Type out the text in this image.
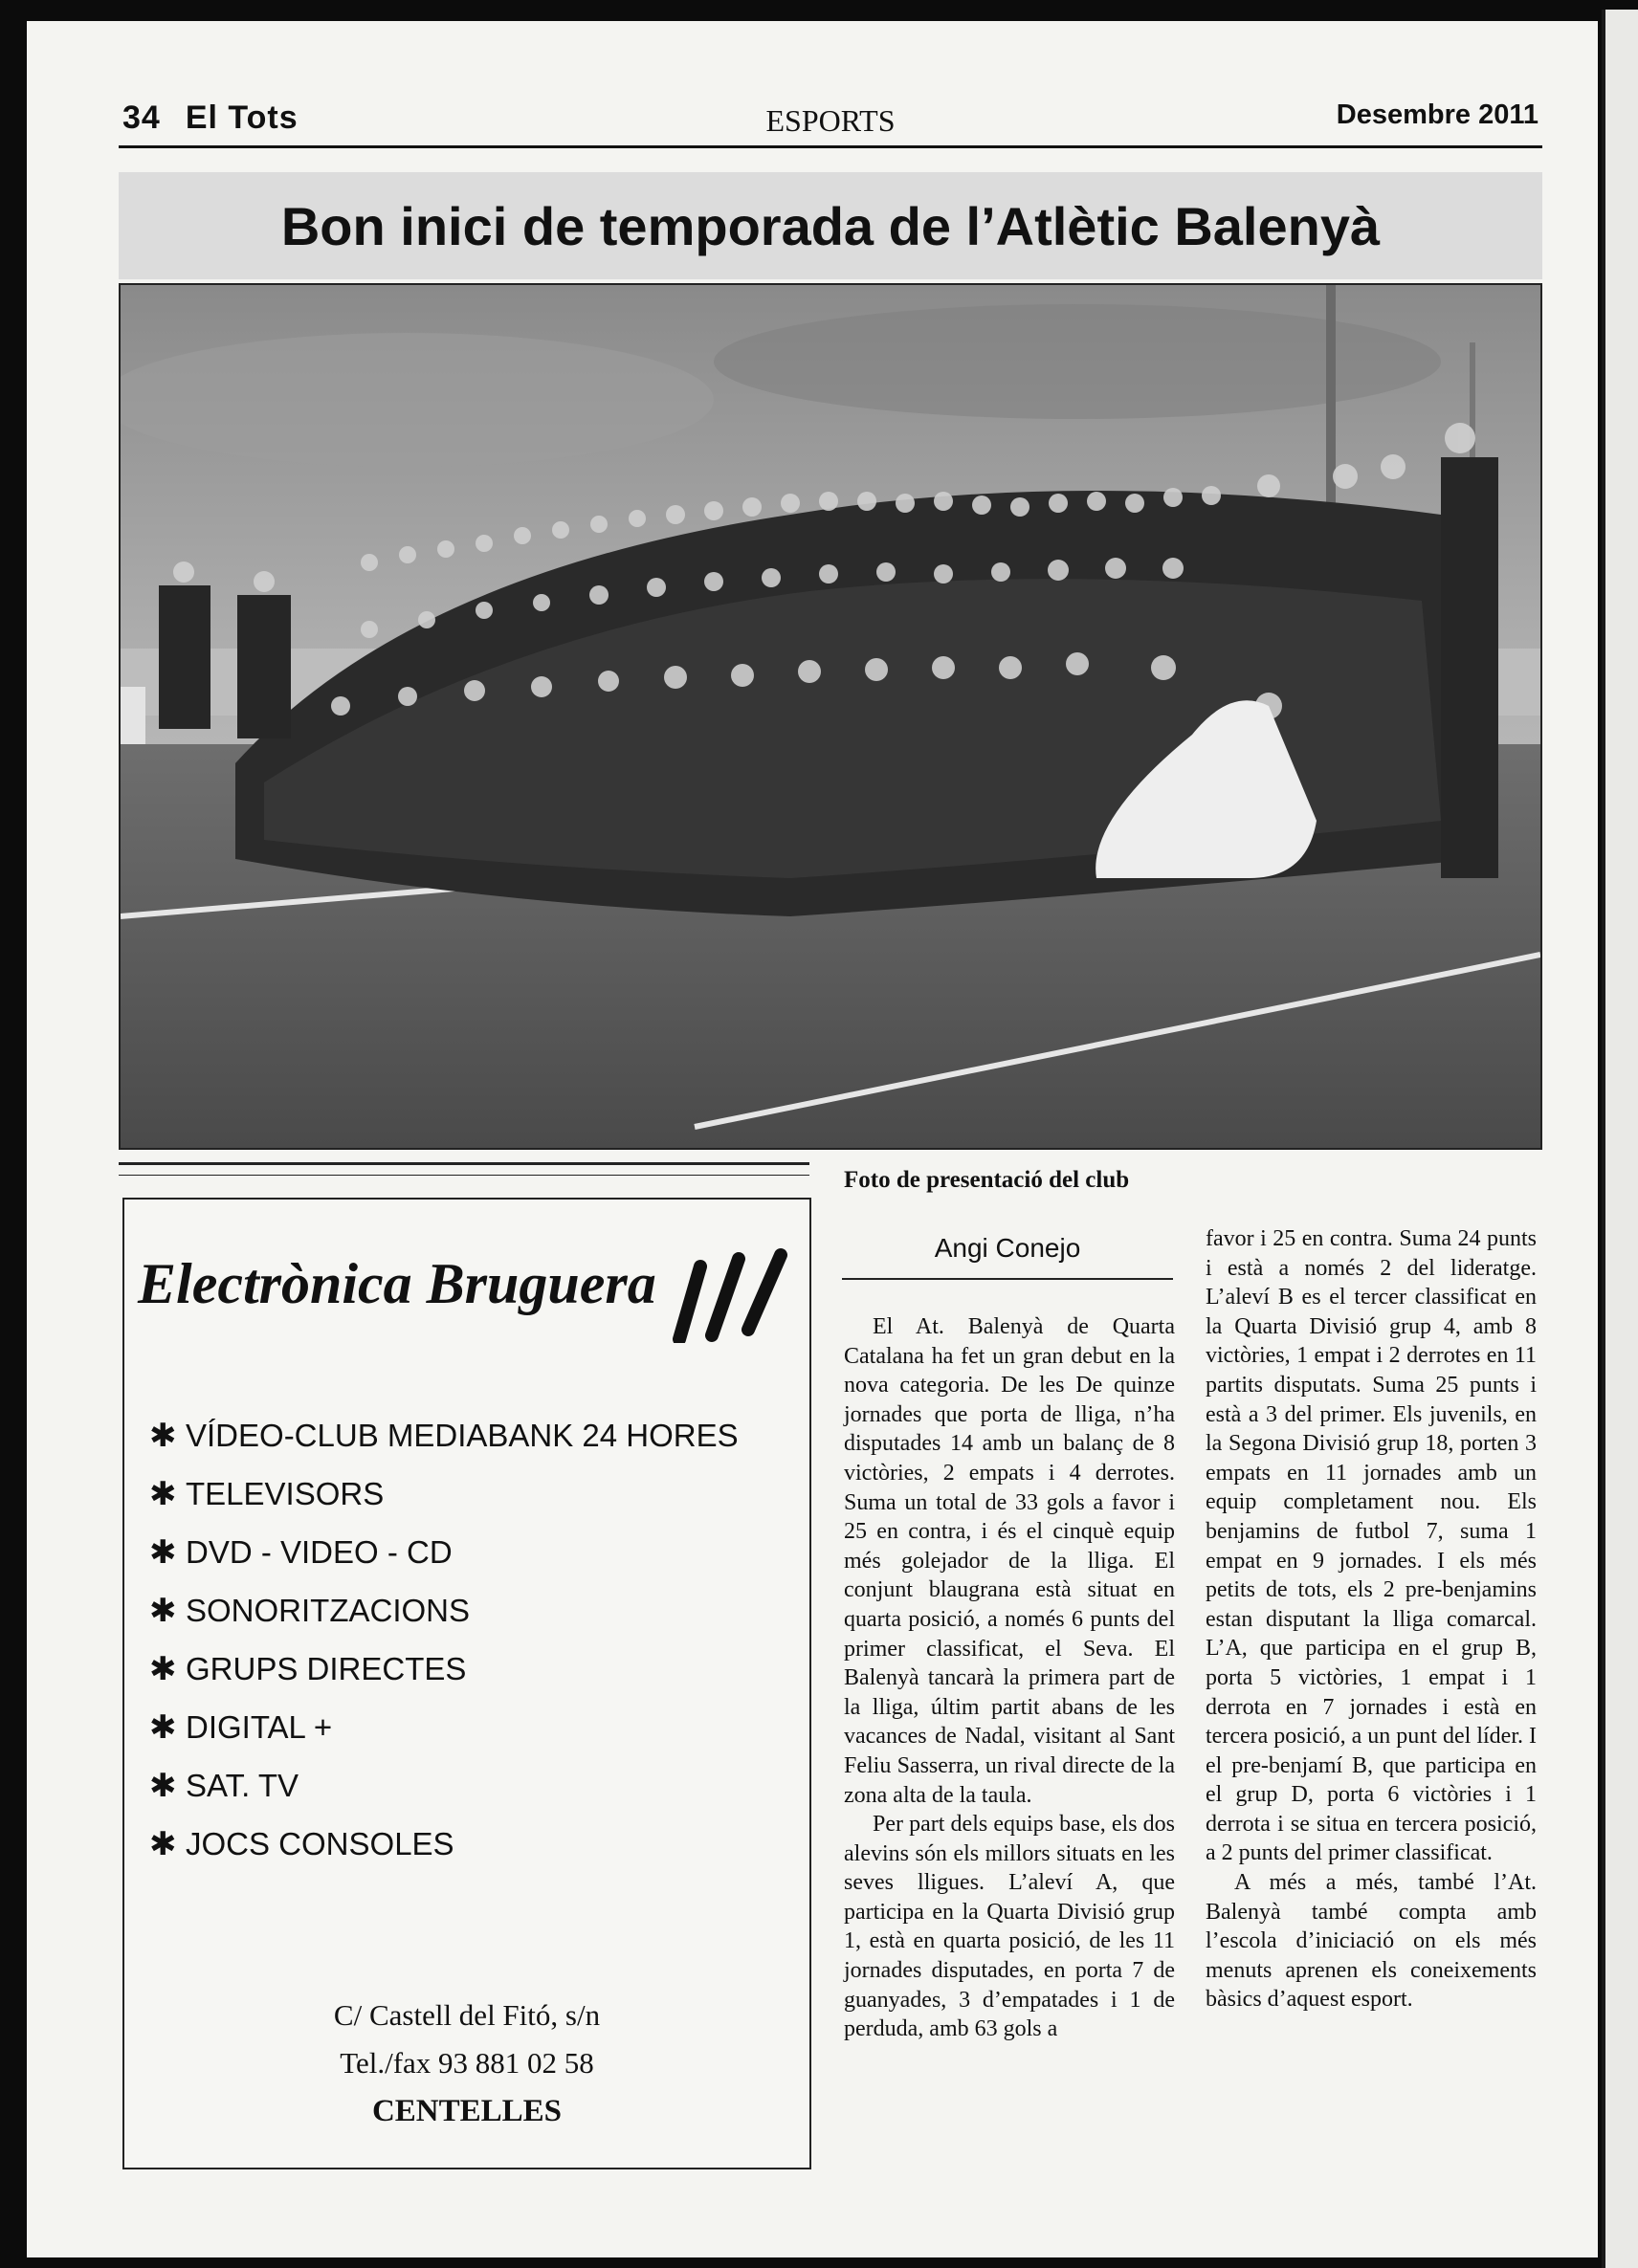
34 El Tots	ESPORTS	Desembre 2011
Bon inici de temporada de l’Atlètic Balenyà
Electrònica Bruguera
✱ VÍDEO-CLUB MEDIABANK 24 HORES
✱ TELEVISORS
✱ DVD - VIDEO - CD
✱ SONORITZACIONS
✱ GRUPS DIRECTES
✱ DIGITAL +
✱ SAT. TV
✱ JOCS CONSOLES
C/ Castell del Fitó, s/n
Tel./fax 93 881 02 58
CENTELLES
Foto de presentació del club
Angi Conejo

El At. Balenyà de Quarta Catalana ha fet un gran debut en la nova categoria. De les De quinze jornades que porta de lliga, n’ha disputades 14 amb un balanç de 8 victòries, 2 empats i 4 derrotes. Suma un total de 33 gols a favor i 25 en contra, i és el cinquè equip més golejador de la lliga. El conjunt blaugrana està situat en quarta posició, a només 6 punts del primer classificat, el Seva. El Balenyà tancarà la primera part de la lliga, últim partit abans de les vacances de Nadal, visitant al Sant Feliu Sasserra, un rival directe de la zona alta de la taula.

Per part dels equips base, els dos alevins són els millors situats en les seves lligues. L’aleví A, que participa en la Quarta Divisió grup 1, està en quarta posició, de les 11 jornades disputades, en porta 7 de guanyades, 3 d’empatades i 1 de perduda, amb 63 gols a

favor i 25 en contra. Suma 24 punts i està a només 2 del lideratge. L’aleví B es el tercer classificat en la Quarta Divisió grup 4, amb 8 victòries, 1 empat i 2 derrotes en 11 partits disputats. Suma 25 punts i està a 3 del primer. Els juvenils, en la Segona Divisió grup 18, porten 3 empats en 11 jornades amb un equip completament nou. Els benjamins de futbol 7, suma 1 empat en 9 jornades. I els més petits de tots, els 2 pre-benjamins estan disputant la lliga comarcal. L’A, que participa en el grup B, porta 5 victòries, 1 empat i 1 derrota en 7 jornades i està en tercera posició, a un punt del líder. I el pre-benjamí B, que participa en el grup D, porta 6 victòries i 1 derrota i se situa en tercera posició, a 2 punts del primer classificat.

A més a més, també l’At. Balenyà també compta amb l’escola d’iniciació on els més menuts aprenen els coneixements bàsics d’aquest esport.
